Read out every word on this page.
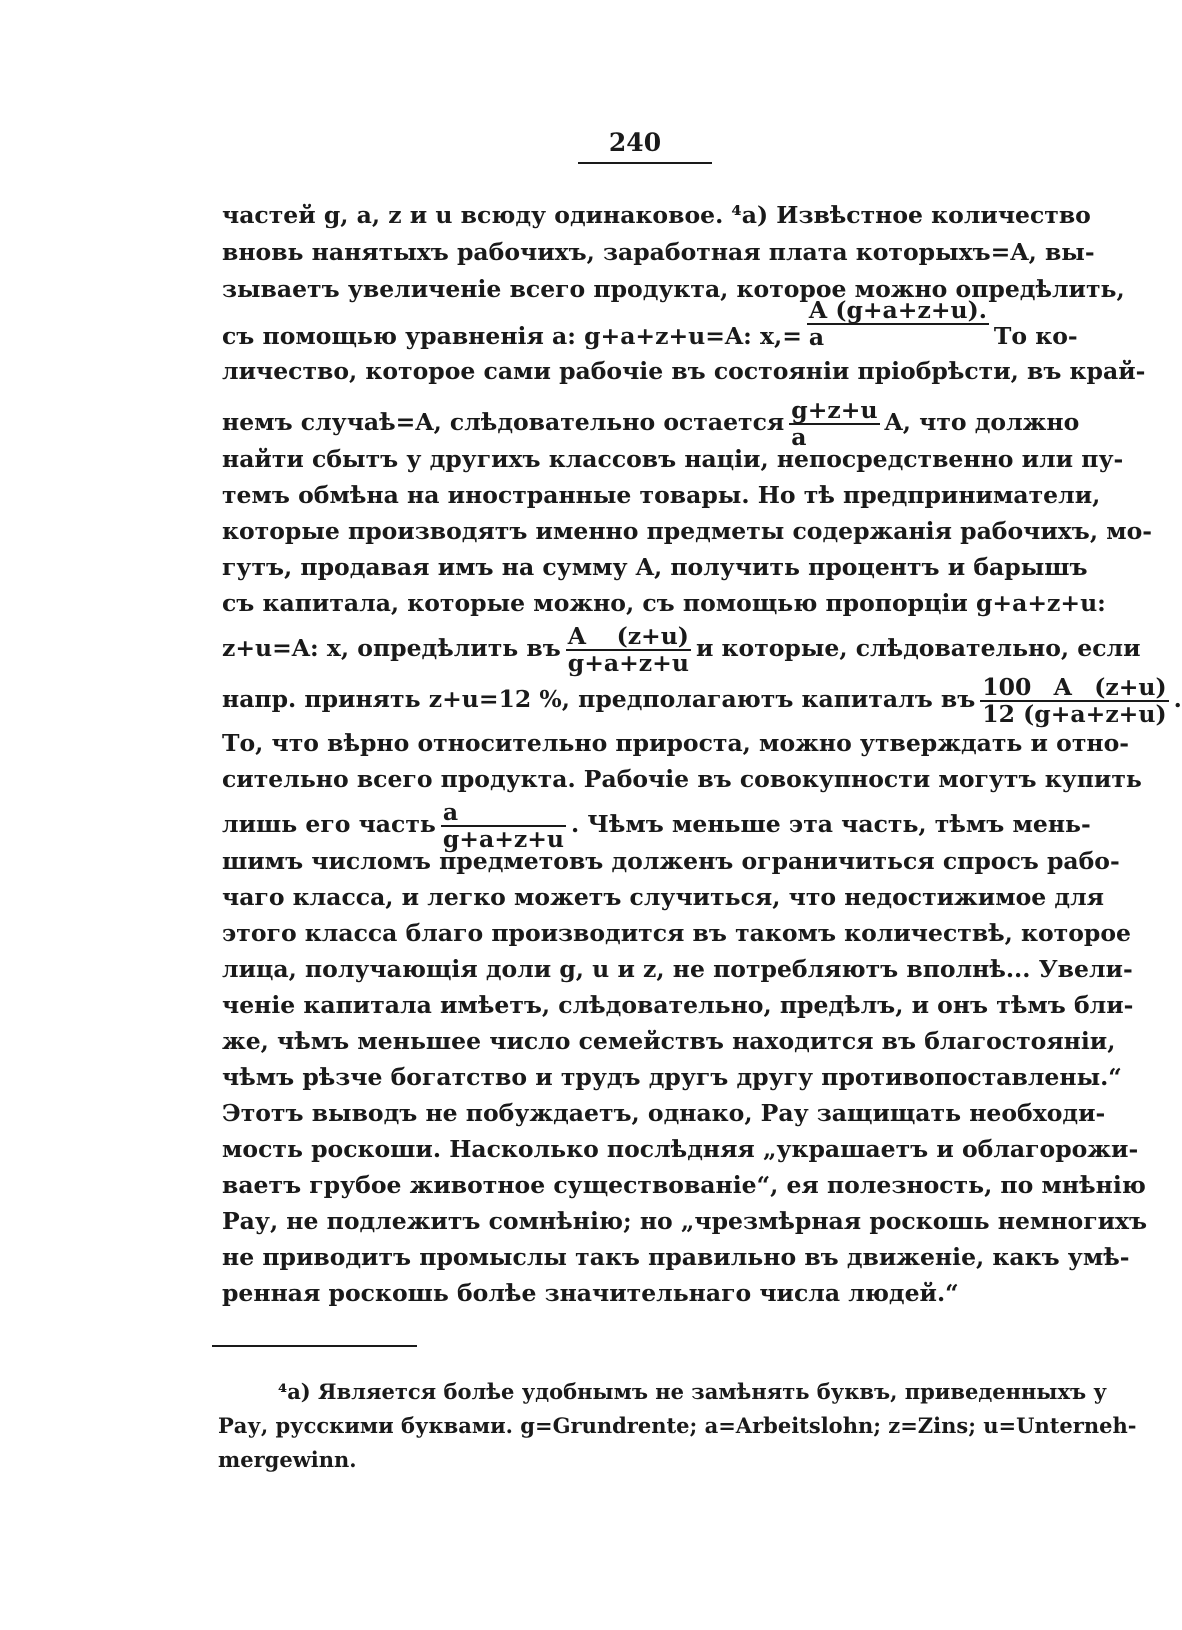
240
частей g, a, z и u всюду одинаковое. ⁴a) Извѣстное количество
вновь нанятыхъ рабочихъ, заработная плата которыхъ=A, вы-
зываетъ увеличенiе всего продукта, которое можно опредѣлить,
съ помощью уравненiя a: g+a+z+u=A: $x,= \frac{A (g+a+z+u).}{a}$ То ко-
личество, которое сами рабочiе въ состоянiи прiобрѣсти, въ край-
немъ случаѣ=A, слѣдовательно остается $\frac{g+z+u}{a} A$, что должно
найти сбытъ у другихъ классовъ нацiи, непосредственно или пу-
темъ обмѣна на иностранные товары. Но тѣ предприниматели,
которые производятъ именно предметы содержанiя рабочихъ, мо-
гутъ, продавая имъ на сумму A, получить процентъ и барышъ
съ капитала, которые можно, съ помощью пропорцiи g+a+z+u:
z+u=A: x, опредѣлить въ $\frac{A (z+u)}{g+a+z+u}$ и которые, слѣдовательно, если
напр. принять z+u=12 %, предполагаютъ капиталъ въ $\frac{100 A (z+u)}{12 (g+a+z+u)}$ .
То, что вѣрно относительно прироста, можно утверждать и отно-
сительно всего продукта. Рабочiе въ совокупности могутъ купить
лишь его часть $\frac{a}{g+a+z+u}$ . Чѣмъ меньше эта часть, тѣмъ мень-
шимъ числомъ предметовъ долженъ ограничиться спросъ рабо-
чаго класса, и легко можетъ случиться, что недостижимое для
этого класса благо производится въ такомъ количествѣ, которое
лица, получающiя доли g, u и z, не потребляютъ вполнѣ... Увели-
ченiе капитала имѣетъ, слѣдовательно, предѣлъ, и онъ тѣмъ бли-
же, чѣмъ меньшее число семействъ находится въ благостоянiи,
чѣмъ рѣзче богатство и трудъ другъ другу противопоставлены.“
Этотъ выводъ не побуждаетъ, однако, Рау защищать необходи-
мость роскоши. Насколько послѣдняя „украшаетъ и облагорожи-
ваетъ грубое животное существованiе“, ея полезность, по мнѣнiю
Рау, не подлежитъ сомнѣнiю; но „чрезмѣрная роскошь немногихъ
не приводитъ промыслы такъ правильно въ движенiе, какъ умѣ-
ренная роскошь болѣе значительнаго числа людей.“
⁴a) Является болѣе удобнымъ не замѣнять буквъ, приведенныхъ у
Рау, русскими буквами. g=Grundrente; a=Arbeitslohn; z=Zins; u=Unterneh-
mergewinn.
